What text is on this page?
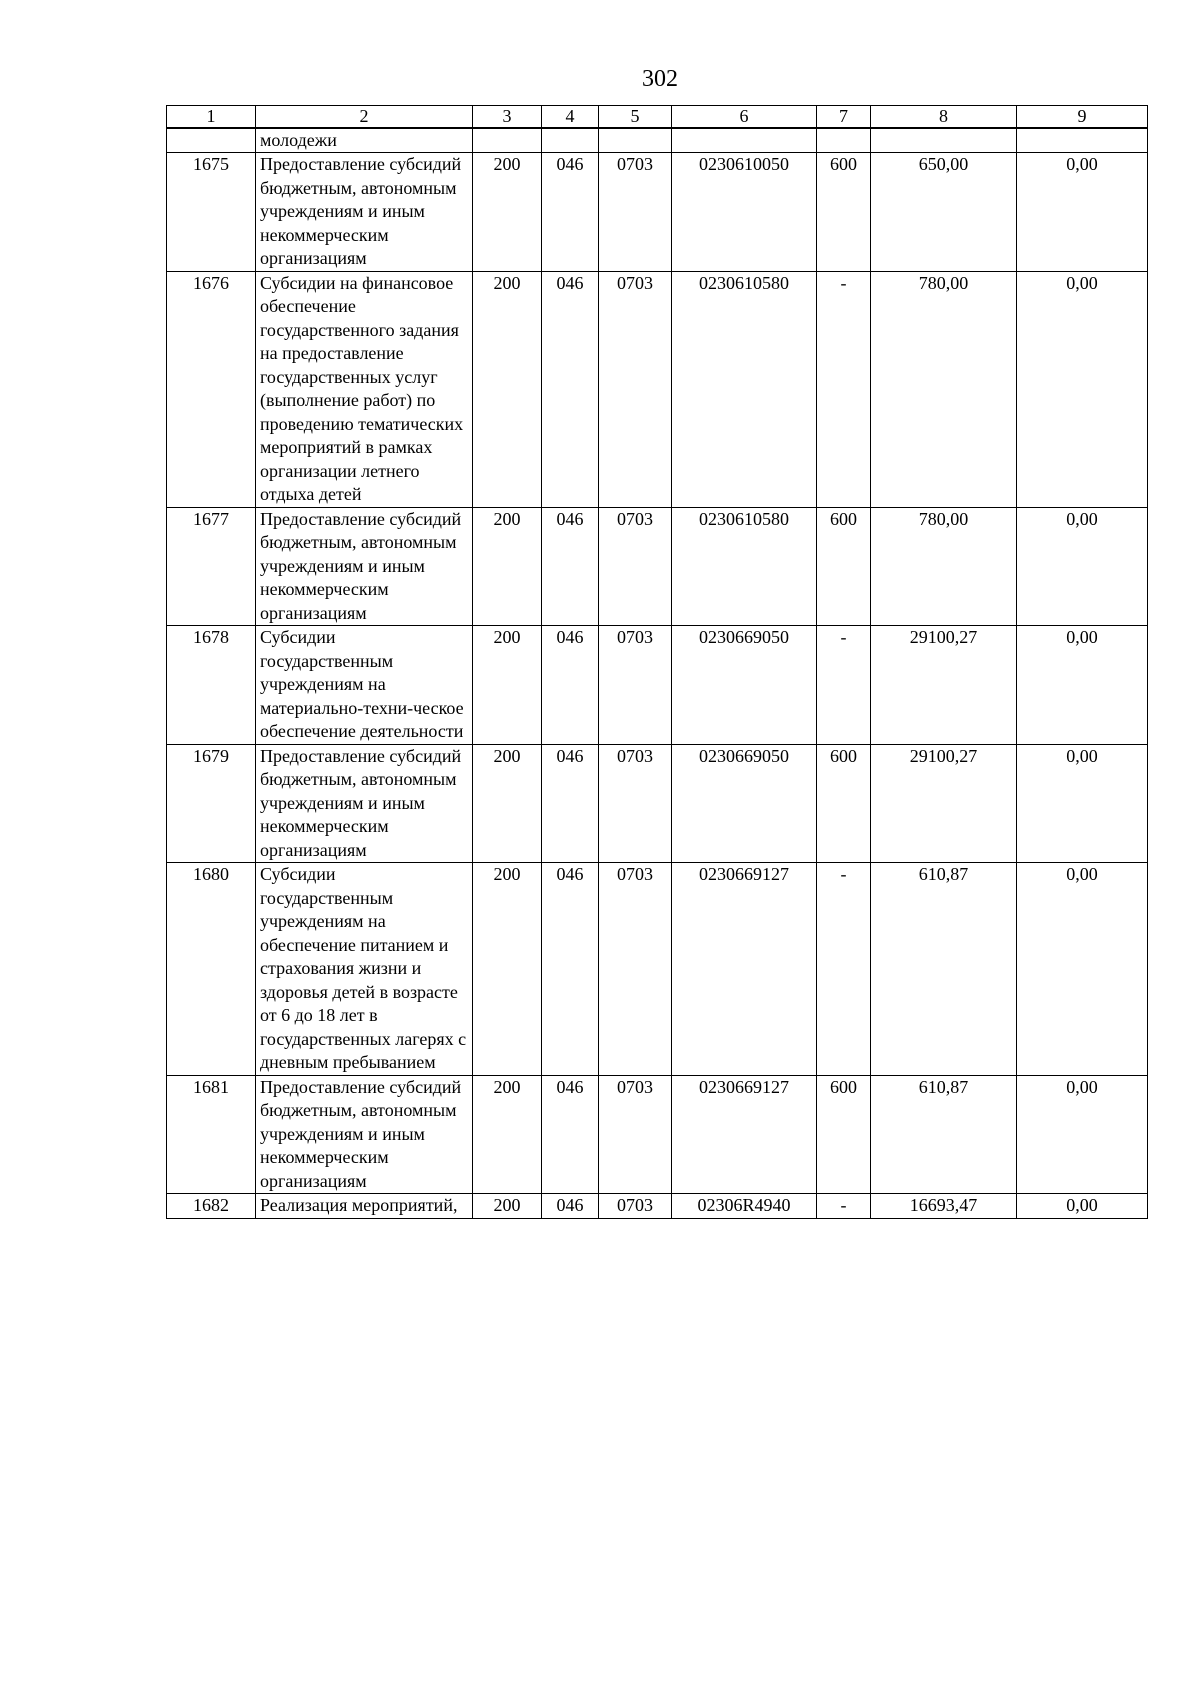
302
1	2	3	4	5	6	7	8	9
	молодежи							
1675	Предоставление субсидий бюджетным, автономным учреждениям и иным некоммерческим организациям	200	046	0703	0230610050	600	650,00	0,00
1676	Субсидии на финансовое обеспечение государственного задания на предоставление государственных услуг (выполнение работ) по проведению тематических мероприятий в рамках организации летнего отдыха детей	200	046	0703	0230610580	-	780,00	0,00
1677	Предоставление субсидий бюджетным, автономным учреждениям и иным некоммерческим организациям	200	046	0703	0230610580	600	780,00	0,00
1678	Субсидии государственным учреждениям на материально-техни-ческое обеспечение деятельности	200	046	0703	0230669050	-	29100,27	0,00
1679	Предоставление субсидий бюджетным, автономным учреждениям и иным некоммерческим организациям	200	046	0703	0230669050	600	29100,27	0,00
1680	Субсидии государственным учреждениям на обеспечение питанием и страхования жизни и здоровья детей в возрасте от 6 до 18 лет в государственных лагерях с дневным пребыванием	200	046	0703	0230669127	-	610,87	0,00
1681	Предоставление субсидий бюджетным, автономным учреждениям и иным некоммерческим организациям	200	046	0703	0230669127	600	610,87	0,00
1682	Реализация мероприятий,	200	046	0703	02306R4940	-	16693,47	0,00
